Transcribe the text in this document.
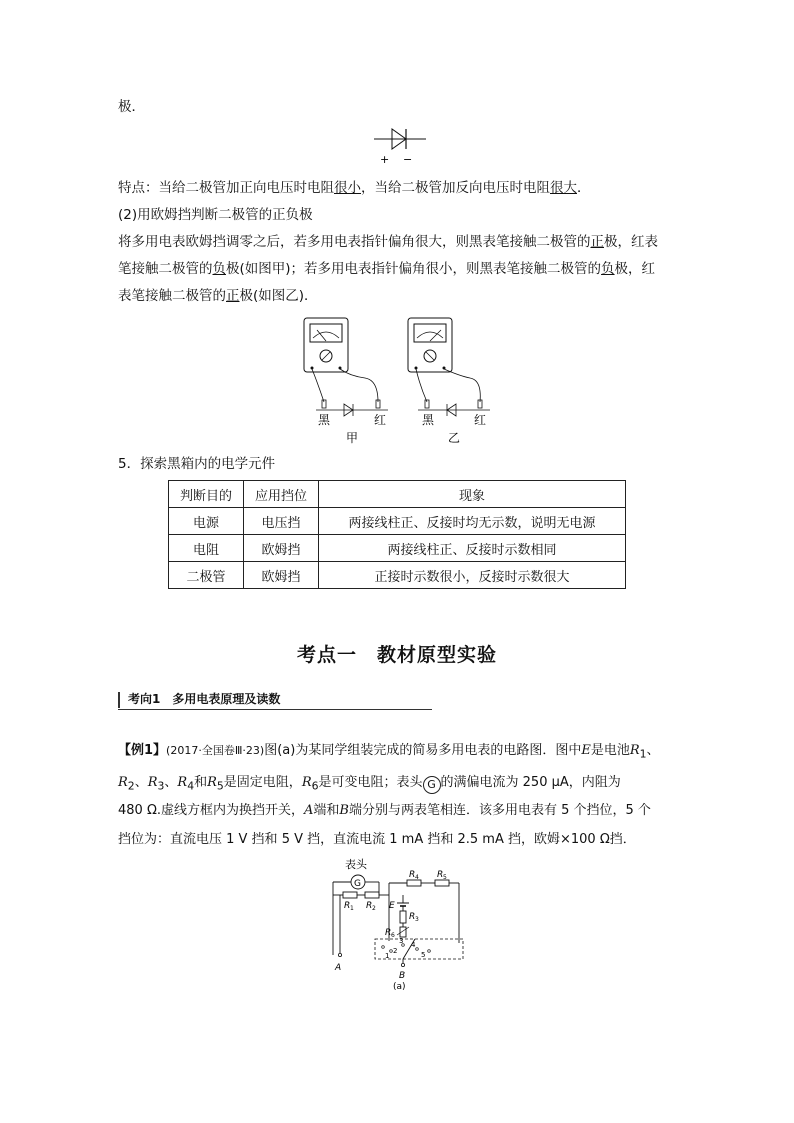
极．
+ −
特点：当给二极管加正向电压时电阻很小，当给二极管加反向电压时电阻很大．
(2)用欧姆挡判断二极管的正负极
将多用电表欧姆挡调零之后，若多用电表指针偏角很大，则黑表笔接触二极管的正极，红表
笔接触二极管的负极(如图甲)；若多用电表指针偏角很小，则黑表笔接触二极管的负极，红
表笔接触二极管的正极(如图乙)．
黑	红
甲
黑	红
乙
5．探索黑箱内的电学元件
判断目的	应用挡位	现象
电源	电压挡	两接线柱正、反接时均无示数，说明无电源
电阻	欧姆挡	两接线柱正、反接时示数相同
二极管	欧姆挡	正接时示数很小，反接时示数很大
考点一　教材原型实验
考向1　多用电表原理及读数
【例1】(2017·全国卷Ⅲ·23)图(a)为某同学组装完成的简易多用电表的电路图．图中E是电池$R_1$、
$R_2$、$R_3$、$R_4$和$R_5$是固定电阻，$R_6$是可变电阻；表头 G 的满偏电流为 250 μA，内阻为
480 Ω.虚线方框内为换挡开关，A端和B端分别与两表笔相连．该多用电表有 5 个挡位，5 个
挡位为：直流电压 1 V 挡和 5 V 挡，直流电流 1 mA 挡和 2.5 mA 挡，欧姆×100 Ω挡．
表头
G
R 1 R 2
A
R 4 R 5
E
R 3
R 6
1
2
3 4
5
B
(a)
